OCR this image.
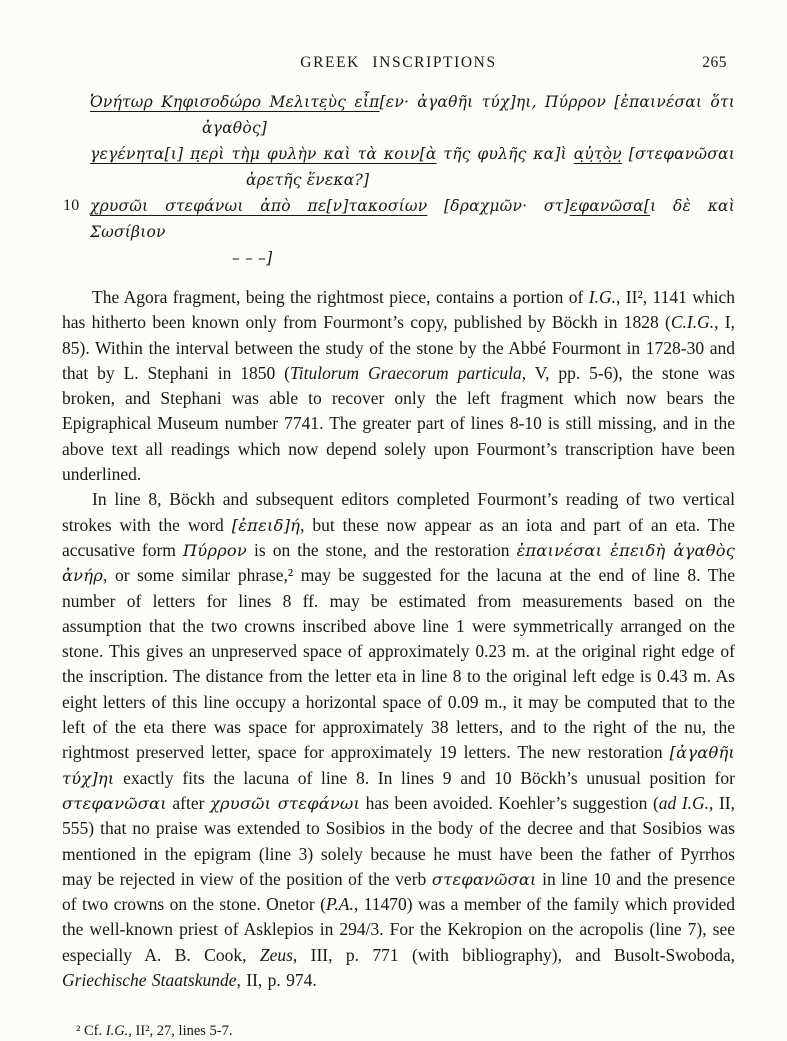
GREEK INSCRIPTIONS	265
Ὀνήτωρ Κηφισοδώρο Μελιτε̣ὺς εἶπ[εν· ἀγαθῆι τύχ]ηι, Πύρρον [ἐπαινέσαι ὅτι
ἀγαθὸς]
γεγένητα[ι] π̣ερὶ τὴμ φυλὴν καὶ τὰ κοιν[ὰ τῆς φυλῆς κα]ὶ α̣ὐ̣τ̣ὸ̣ν̣ [στεφανῶσαι
ἀρετῆς ἕνεκα?]
10 χρυσῶι στεφάνωι ἀπὸ πε[ν]τακοσίων [δραχμῶν· στ]εφανῶσα[ι δὲ καὶ Σωσίβιον
– – –]

The Agora fragment, being the rightmost piece, contains a portion of I.G., II², 1141 which has hitherto been known only from Fourmont’s copy, published by Böckh in 1828 (C.I.G., I, 85). Within the interval between the study of the stone by the Abbé Fourmont in 1728-30 and that by L. Stephani in 1850 (Titulorum Graecorum particula, V, pp. 5-6), the stone was broken, and Stephani was able to recover only the left fragment which now bears the Epigraphical Museum number 7741. The greater part of lines 8-10 is still missing, and in the above text all readings which now depend solely upon Fourmont’s transcription have been underlined.

In line 8, Böckh and subsequent editors completed Fourmont’s reading of two vertical strokes with the word [ἐπειδ]ή, but these now appear as an iota and part of an eta. The accusative form Πύρρον is on the stone, and the restoration ἐπαινέσαι ἐπειδὴ ἀγαθὸς ἀνήρ, or some similar phrase,² may be suggested for the lacuna at the end of line 8. The number of letters for lines 8 ff. may be estimated from measurements based on the assumption that the two crowns inscribed above line 1 were symmetrically arranged on the stone. This gives an unpreserved space of approximately 0.23 m. at the original right edge of the inscription. The distance from the letter eta in line 8 to the original left edge is 0.43 m. As eight letters of this line occupy a horizontal space of 0.09 m., it may be computed that to the left of the eta there was space for approximately 38 letters, and to the right of the nu, the rightmost preserved letter, space for approximately 19 letters. The new restoration [ἀγαθῆι τύχ]ηι exactly fits the lacuna of line 8. In lines 9 and 10 Böckh’s unusual position for στεφανῶσαι after χρυσῶι στεφάνωι has been avoided. Koehler’s suggestion (ad I.G., II, 555) that no praise was extended to Sosibios in the body of the decree and that Sosibios was mentioned in the epigram (line 3) solely because he must have been the father of Pyrrhos may be rejected in view of the position of the verb στεφανῶσαι in line 10 and the presence of two crowns on the stone. Onetor (P.A., 11470) was a member of the family which provided the well-known priest of Asklepios in 294/3. For the Kekropion on the acropolis (line 7), see especially A. B. Cook, Zeus, III, p. 771 (with bibliography), and Busolt-Swoboda, Griechische Staatskunde, II, p. 974.

² Cf. I.G., II², 27, lines 5-7.
